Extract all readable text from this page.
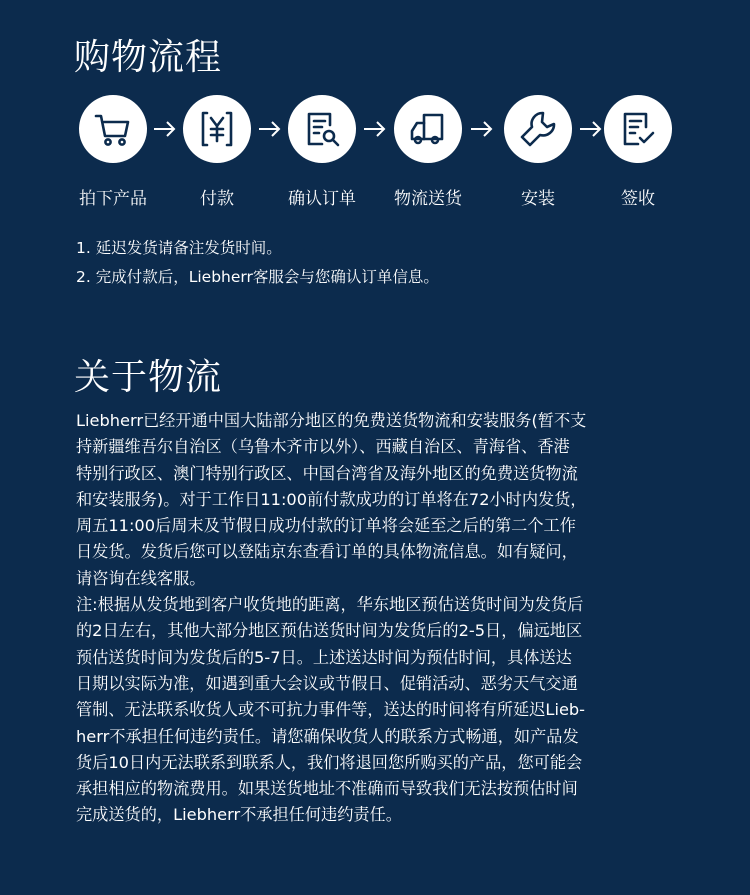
购物流程
拍下产品	付款	确认订单	物流送货	安装	签收
1. 延迟发货请备注发货时间。
2. 完成付款后，Liebherr客服会与您确认订单信息。
关于物流
Liebherr已经开通中国大陆部分地区的免费送货物流和安装服务(暂不支
持新疆维吾尔自治区（乌鲁木齐市以外）、西藏自治区、青海省、香港
特别行政区、澳门特别行政区、中国台湾省及海外地区的免费送货物流
和安装服务)。对于工作日11:00前付款成功的订单将在72小时内发货，
周五11:00后周末及节假日成功付款的订单将会延至之后的第二个工作
日发货。发货后您可以登陆京东查看订单的具体物流信息。如有疑问，
请咨询在线客服。
注:根据从发货地到客户收货地的距离，华东地区预估送货时间为发货后
的2日左右，其他大部分地区预估送货时间为发货后的2-5日，偏远地区
预估送货时间为发货后的5-7日。上述送达时间为预估时间，具体送达
日期以实际为准，如遇到重大会议或节假日、促销活动、恶劣天气交通
管制、无法联系收货人或不可抗力事件等，送达的时间将有所延迟Lieb-
herr不承担任何违约责任。请您确保收货人的联系方式畅通，如产品发
货后10日内无法联系到联系人，我们将退回您所购买的产品，您可能会
承担相应的物流费用。如果送货地址不准确而导致我们无法按预估时间
完成送货的，Liebherr不承担任何违约责任。
